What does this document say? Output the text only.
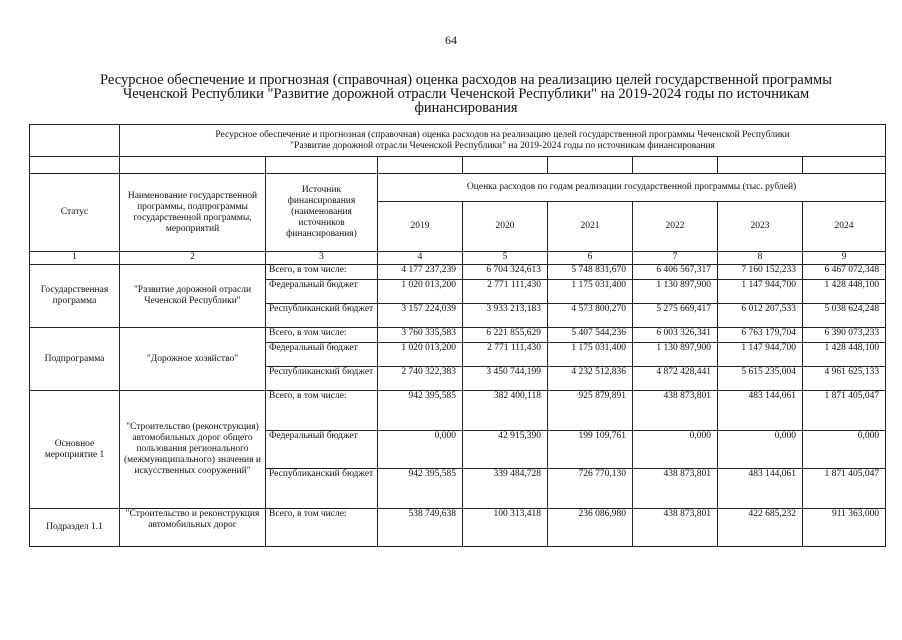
64
Ресурсное обеспечение и прогнозная (справочная) оценка расходов на реализацию целей государственной программы
Чеченской Республики "Развитие дорожной отрасли Чеченской Республики" на 2019-2024 годы по источникам
финансирования

	Ресурсное обеспечение и прогнозная (справочная) оценка расходов на реализацию целей государственной программы Чеченской Республики
"Развитие дорожной отрасли Чеченской Республики" на 2019-2024 годы по источникам финансирования							

Статус	Наименование государственной программы, подпрограммы государственной программы, мероприятий	Источник финансирования (наименования источников финансирования)	Оценка расходов по годам реализации государственной программы (тыс. рублей)					
			2019	2020	2021	2022	2023	2024
1	2	3	4	5	6	7	8	9
Государственная программа	"Развитие дорожной отрасли Чеченской Республики"	Всего, в том числе:	4 177 237,239	6 704 324,613	5 748 831,670	6 406 567,317	7 160 152,233	6 467 072,348
		Федеральный бюджет	1 020 013,200	2 771 111,430	1 175 031,400	1 130 897,900	1 147 944,700	1 428 448,100
		Республиканский бюджет	3 157 224,039	3 933 213,183	4 573 800,270	5 275 669,417	6 012 207,533	5 038 624,248
Подпрограмма	"Дорожное хозяйство"	Всего, в том числе:	3 760 335,583	6 221 855,629	5 407 544,236	6 003 326,341	6 763 179,704	6 390 073,233
		Федеральный бюджет	1 020 013,200	2 771 111,430	1 175 031,400	1 130 897,900	1 147 944,700	1 428 448,100
		Республиканский бюджет	2 740 322,383	3 450 744,199	4 232 512,836	4 872 428,441	5 615 235,004	4 961 625,133
Основное мероприятие 1	"Строительство (реконструкция) автомобильных дорог общего пользования регионального (межмуниципального) значения и искусственных сооружений"	Всего, в том числе:	942 395,585	382 400,118	925 879,891	438 873,801	483 144,061	1 871 405,047
		Федеральный бюджет	0,000	42 915,390	199 109,761	0,000	0,000	0,000
		Республиканский бюджет	942 395,585	339 484,728	726 770,130	438 873,801	483 144,061	1 871 405,047
Подраздел 1.1	"Строительство и реконструкция автомобильных дорог	Всего, в том числе:	538 749,638	100 313,418	236 086,980	438 873,801	422 685,232	911 363,000
